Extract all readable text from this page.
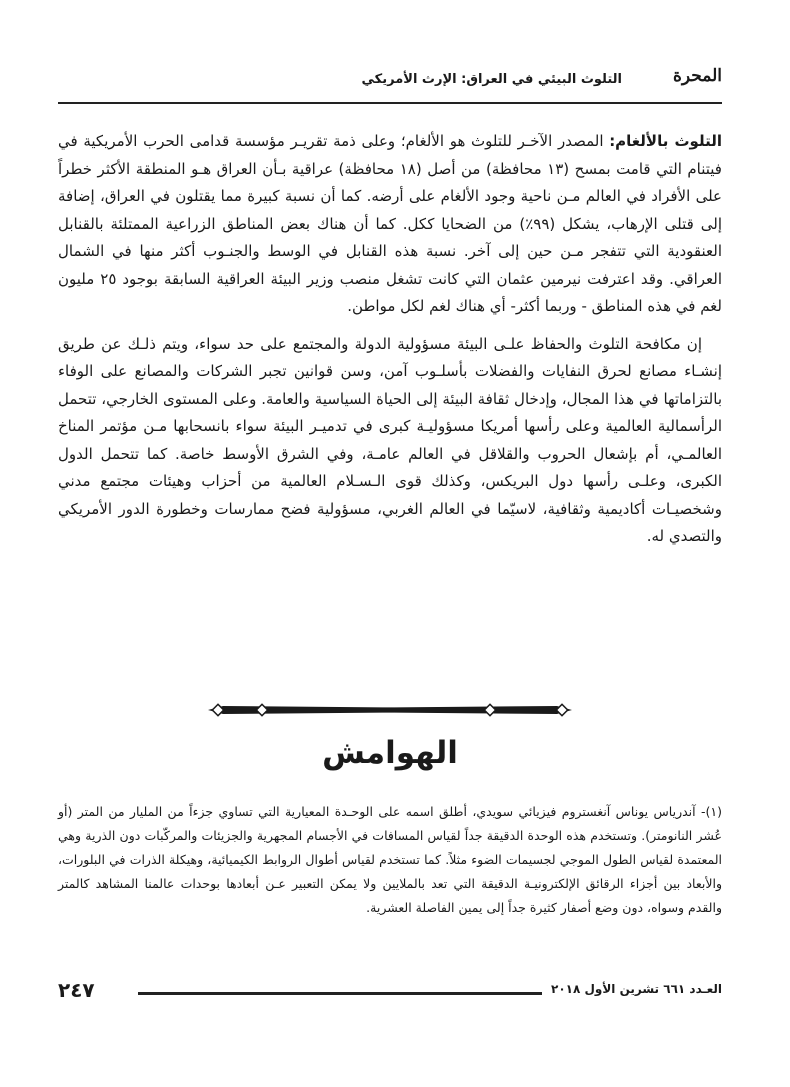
المحرة
التلوث البيئي في العراق: الإرث الأمريكي

التلوث بالألغام: المصدر الآخـر للتلوث هو الألغام؛ وعلى ذمة تقريـر مؤسسة قدامى الحرب الأمريكية في فيتنام التي قامت بمسح (١٣ محافظة) من أصل (١٨ محافظة) عراقية بـأن العراق هـو المنطقة الأكثر خطراً على الأفراد في العالم مـن ناحية وجود الألغام على أرضه. كما أن نسبة كبيرة مما يقتلون في العراق، إضافة إلى قتلى الإرهاب، يشكل (٩٩٪) من الضحايا ككل. كما أن هناك بعض المناطق الزراعية الممتلئة بالقنابل العنقودية التي تتفجر مـن حين إلى آخر. نسبة هذه القنابل في الوسط والجنـوب أكثر منها في الشمال العراقي. وقد اعترفت نيرمين عثمان التي كانت تشغل منصب وزير البيئة العراقية السابقة بوجود ٢٥ مليون لغم في هذه المناطق - وربما أكثر- أي هناك لغم لكل مواطن.

إن مكافحة التلوث والحفاظ علـى البيئة مسؤولية الدولة والمجتمع على حد سواء، ويتم ذلـك عن طريق إنشـاء مصانع لحرق النفايات والفضلات بأسلـوب آمن، وسن قوانين تجبر الشركات والمصانع على الوفاء بالتزاماتها في هذا المجال، وإدخال ثقافة البيئة إلى الحياة السياسية والعامة. وعلى المستوى الخارجي، تتحمل الرأسمالية العالمية وعلى رأسها أمريكا مسؤوليـة كبرى في تدميـر البيئة سواء بانسحابها مـن مؤتمر المناخ العالمـي، أم بإشعال الحروب والقلاقل في العالم عامـة، وفي الشرق الأوسط خاصة. كما تتحمل الدول الكبرى، وعلـى رأسها دول البريكس، وكذلك قوى الـسـلام العالمية من أحزاب وهيئات مجتمع مدني وشخصيـات أكاديمية وثقافية، لاسيّما في العالم الغربي، مسؤولية فضح ممارسات وخطورة الدور الأمريكي والتصدي له.

الهوامش

(١)- آندرياس يوناس آنغستروم فيزيائي سويدي، أطلق اسمه على الوحـدة المعيارية التي تساوي جزءاً من المليار من المتر (أو عُشر النانومتر). وتستخدم هذه الوحدة الدقيقة جداً لقياس المسافات في الأجسام المجهرية والجزيئات والمركّبات دون الذرية وهي المعتمدة لقياس الطول الموجي لجسيمات الضوء مثلاً. كما تستخدم لقياس أطوال الروابط الكيميائية، وهيكلة الذرات في البلورات، والأبعاد بين أجزاء الرقائق الإلكترونيـة الدقيقة التي تعد بالملايين ولا يمكن التعبير عـن أبعادها بوحدات عالمنا المشاهد كالمتر والقدم وسواه، دون وضع أصفار كثيرة جداً إلى يمين الفاصلة العشرية.

العـدد ٦٦١ تشرين الأول ٢٠١٨
٢٤٧
